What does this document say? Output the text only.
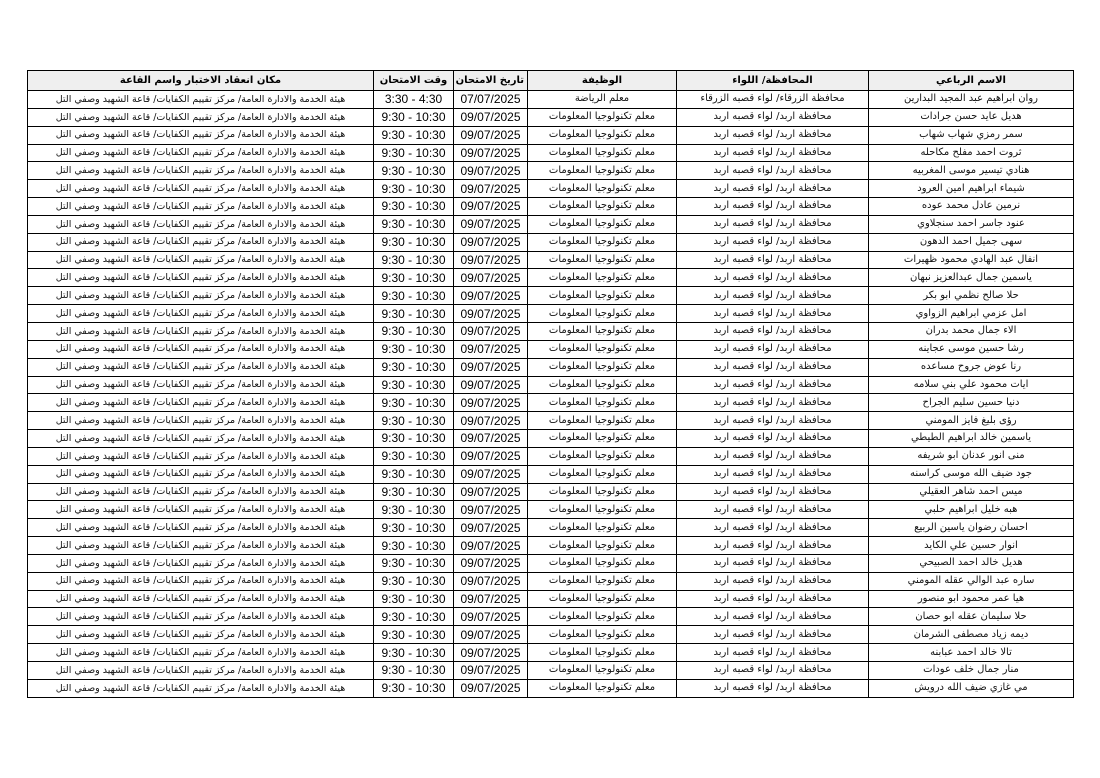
الاسم الرباعي	المحافظة/ اللواء	الوظيفة	تاريخ الامتحان	وقت الامتحان	مكان انعقاد الاختبار واسم القاعة
روان ابراهيم عبد المجيد البدارين	محافظة الزرقاء/ لواء قصبه الزرقاء	معلم الرياضة	07/07/2025	3:30 - 4:30	هيئة الخدمة والادارة العامة/ مركز تقييم الكفايات/ قاعة الشهيد وصفي التل
هديل عايد حسن جرادات	محافظة اربد/ لواء قصبه اربد	معلم تكنولوجيا المعلومات	09/07/2025	9:30 - 10:30	هيئة الخدمة والادارة العامة/ مركز تقييم الكفايات/ قاعة الشهيد وصفي التل
سمر رمزي شهاب شهاب	محافظة اربد/ لواء قصبه اربد	معلم تكنولوجيا المعلومات	09/07/2025	9:30 - 10:30	هيئة الخدمة والادارة العامة/ مركز تقييم الكفايات/ قاعة الشهيد وصفي التل
ثروت احمد مفلح مكاحله	محافظة اربد/ لواء قصبه اربد	معلم تكنولوجيا المعلومات	09/07/2025	9:30 - 10:30	هيئة الخدمة والادارة العامة/ مركز تقييم الكفايات/ قاعة الشهيد وصفي التل
هنادي تيسير موسى المغربيه	محافظة اربد/ لواء قصبه اربد	معلم تكنولوجيا المعلومات	09/07/2025	9:30 - 10:30	هيئة الخدمة والادارة العامة/ مركز تقييم الكفايات/ قاعة الشهيد وصفي التل
شيماء ابراهيم امين العرود	محافظة اربد/ لواء قصبه اربد	معلم تكنولوجيا المعلومات	09/07/2025	9:30 - 10:30	هيئة الخدمة والادارة العامة/ مركز تقييم الكفايات/ قاعة الشهيد وصفي التل
نرمين عادل محمد عوده	محافظة اربد/ لواء قصبه اربد	معلم تكنولوجيا المعلومات	09/07/2025	9:30 - 10:30	هيئة الخدمة والادارة العامة/ مركز تقييم الكفايات/ قاعة الشهيد وصفي التل
عنود جاسر احمد سنجلاوي	محافظة اربد/ لواء قصبه اربد	معلم تكنولوجيا المعلومات	09/07/2025	9:30 - 10:30	هيئة الخدمة والادارة العامة/ مركز تقييم الكفايات/ قاعة الشهيد وصفي التل
سهى جميل احمد الدهون	محافظة اربد/ لواء قصبه اربد	معلم تكنولوجيا المعلومات	09/07/2025	9:30 - 10:30	هيئة الخدمة والادارة العامة/ مركز تقييم الكفايات/ قاعة الشهيد وصفي التل
انفال عبد الهادي محمود ظهيرات	محافظة اربد/ لواء قصبه اربد	معلم تكنولوجيا المعلومات	09/07/2025	9:30 - 10:30	هيئة الخدمة والادارة العامة/ مركز تقييم الكفايات/ قاعة الشهيد وصفي التل
ياسمين جمال عبدالعزيز نبهان	محافظة اربد/ لواء قصبه اربد	معلم تكنولوجيا المعلومات	09/07/2025	9:30 - 10:30	هيئة الخدمة والادارة العامة/ مركز تقييم الكفايات/ قاعة الشهيد وصفي التل
حلا صالح نظمي ابو بكر	محافظة اربد/ لواء قصبه اربد	معلم تكنولوجيا المعلومات	09/07/2025	9:30 - 10:30	هيئة الخدمة والادارة العامة/ مركز تقييم الكفايات/ قاعة الشهيد وصفي التل
امل عزمي ابراهيم الزواوي	محافظة اربد/ لواء قصبه اربد	معلم تكنولوجيا المعلومات	09/07/2025	9:30 - 10:30	هيئة الخدمة والادارة العامة/ مركز تقييم الكفايات/ قاعة الشهيد وصفي التل
الاء جمال محمد بدران	محافظة اربد/ لواء قصبه اربد	معلم تكنولوجيا المعلومات	09/07/2025	9:30 - 10:30	هيئة الخدمة والادارة العامة/ مركز تقييم الكفايات/ قاعة الشهيد وصفي التل
رشا حسين موسى عجاينه	محافظة اربد/ لواء قصبه اربد	معلم تكنولوجيا المعلومات	09/07/2025	9:30 - 10:30	هيئة الخدمة والادارة العامة/ مركز تقييم الكفايات/ قاعة الشهيد وصفي التل
رنا عوض جروح مساعده	محافظة اربد/ لواء قصبه اربد	معلم تكنولوجيا المعلومات	09/07/2025	9:30 - 10:30	هيئة الخدمة والادارة العامة/ مركز تقييم الكفايات/ قاعة الشهيد وصفي التل
ايات محمود علي بني سلامه	محافظة اربد/ لواء قصبه اربد	معلم تكنولوجيا المعلومات	09/07/2025	9:30 - 10:30	هيئة الخدمة والادارة العامة/ مركز تقييم الكفايات/ قاعة الشهيد وصفي التل
دنيا حسين سليم الجراح	محافظة اربد/ لواء قصبه اربد	معلم تكنولوجيا المعلومات	09/07/2025	9:30 - 10:30	هيئة الخدمة والادارة العامة/ مركز تقييم الكفايات/ قاعة الشهيد وصفي التل
رؤى بليغ فايز المومني	محافظة اربد/ لواء قصبه اربد	معلم تكنولوجيا المعلومات	09/07/2025	9:30 - 10:30	هيئة الخدمة والادارة العامة/ مركز تقييم الكفايات/ قاعة الشهيد وصفي التل
ياسمين خالد ابراهيم الطيطي	محافظة اربد/ لواء قصبه اربد	معلم تكنولوجيا المعلومات	09/07/2025	9:30 - 10:30	هيئة الخدمة والادارة العامة/ مركز تقييم الكفايات/ قاعة الشهيد وصفي التل
منى انور عدنان ابو شريفه	محافظة اربد/ لواء قصبه اربد	معلم تكنولوجيا المعلومات	09/07/2025	9:30 - 10:30	هيئة الخدمة والادارة العامة/ مركز تقييم الكفايات/ قاعة الشهيد وصفي التل
جود ضيف الله موسى كراسنه	محافظة اربد/ لواء قصبه اربد	معلم تكنولوجيا المعلومات	09/07/2025	9:30 - 10:30	هيئة الخدمة والادارة العامة/ مركز تقييم الكفايات/ قاعة الشهيد وصفي التل
ميس احمد شاهر العقيلي	محافظة اربد/ لواء قصبه اربد	معلم تكنولوجيا المعلومات	09/07/2025	9:30 - 10:30	هيئة الخدمة والادارة العامة/ مركز تقييم الكفايات/ قاعة الشهيد وصفي التل
هبه خليل ابراهيم حلبي	محافظة اربد/ لواء قصبه اربد	معلم تكنولوجيا المعلومات	09/07/2025	9:30 - 10:30	هيئة الخدمة والادارة العامة/ مركز تقييم الكفايات/ قاعة الشهيد وصفي التل
احسان رضوان ياسين الربيع	محافظة اربد/ لواء قصبه اربد	معلم تكنولوجيا المعلومات	09/07/2025	9:30 - 10:30	هيئة الخدمة والادارة العامة/ مركز تقييم الكفايات/ قاعة الشهيد وصفي التل
انوار حسين علي الكايد	محافظة اربد/ لواء قصبه اربد	معلم تكنولوجيا المعلومات	09/07/2025	9:30 - 10:30	هيئة الخدمة والادارة العامة/ مركز تقييم الكفايات/ قاعة الشهيد وصفي التل
هديل خالد احمد الصبيحي	محافظة اربد/ لواء قصبه اربد	معلم تكنولوجيا المعلومات	09/07/2025	9:30 - 10:30	هيئة الخدمة والادارة العامة/ مركز تقييم الكفايات/ قاعة الشهيد وصفي التل
ساره عبد الوالي عقله المومني	محافظة اربد/ لواء قصبه اربد	معلم تكنولوجيا المعلومات	09/07/2025	9:30 - 10:30	هيئة الخدمة والادارة العامة/ مركز تقييم الكفايات/ قاعة الشهيد وصفي التل
هيا عمر محمود ابو منصور	محافظة اربد/ لواء قصبه اربد	معلم تكنولوجيا المعلومات	09/07/2025	9:30 - 10:30	هيئة الخدمة والادارة العامة/ مركز تقييم الكفايات/ قاعة الشهيد وصفي التل
حلا سليمان عقله ابو حصان	محافظة اربد/ لواء قصبه اربد	معلم تكنولوجيا المعلومات	09/07/2025	9:30 - 10:30	هيئة الخدمة والادارة العامة/ مركز تقييم الكفايات/ قاعة الشهيد وصفي التل
ديمه زياد مصطفى الشرمان	محافظة اربد/ لواء قصبه اربد	معلم تكنولوجيا المعلومات	09/07/2025	9:30 - 10:30	هيئة الخدمة والادارة العامة/ مركز تقييم الكفايات/ قاعة الشهيد وصفي التل
تالا خالد احمد عبابنه	محافظة اربد/ لواء قصبه اربد	معلم تكنولوجيا المعلومات	09/07/2025	9:30 - 10:30	هيئة الخدمة والادارة العامة/ مركز تقييم الكفايات/ قاعة الشهيد وصفي التل
منار جمال خلف عودات	محافظة اربد/ لواء قصبه اربد	معلم تكنولوجيا المعلومات	09/07/2025	9:30 - 10:30	هيئة الخدمة والادارة العامة/ مركز تقييم الكفايات/ قاعة الشهيد وصفي التل
مي غازي ضيف الله درويش	محافظة اربد/ لواء قصبه اربد	معلم تكنولوجيا المعلومات	09/07/2025	9:30 - 10:30	هيئة الخدمة والادارة العامة/ مركز تقييم الكفايات/ قاعة الشهيد وصفي التل
